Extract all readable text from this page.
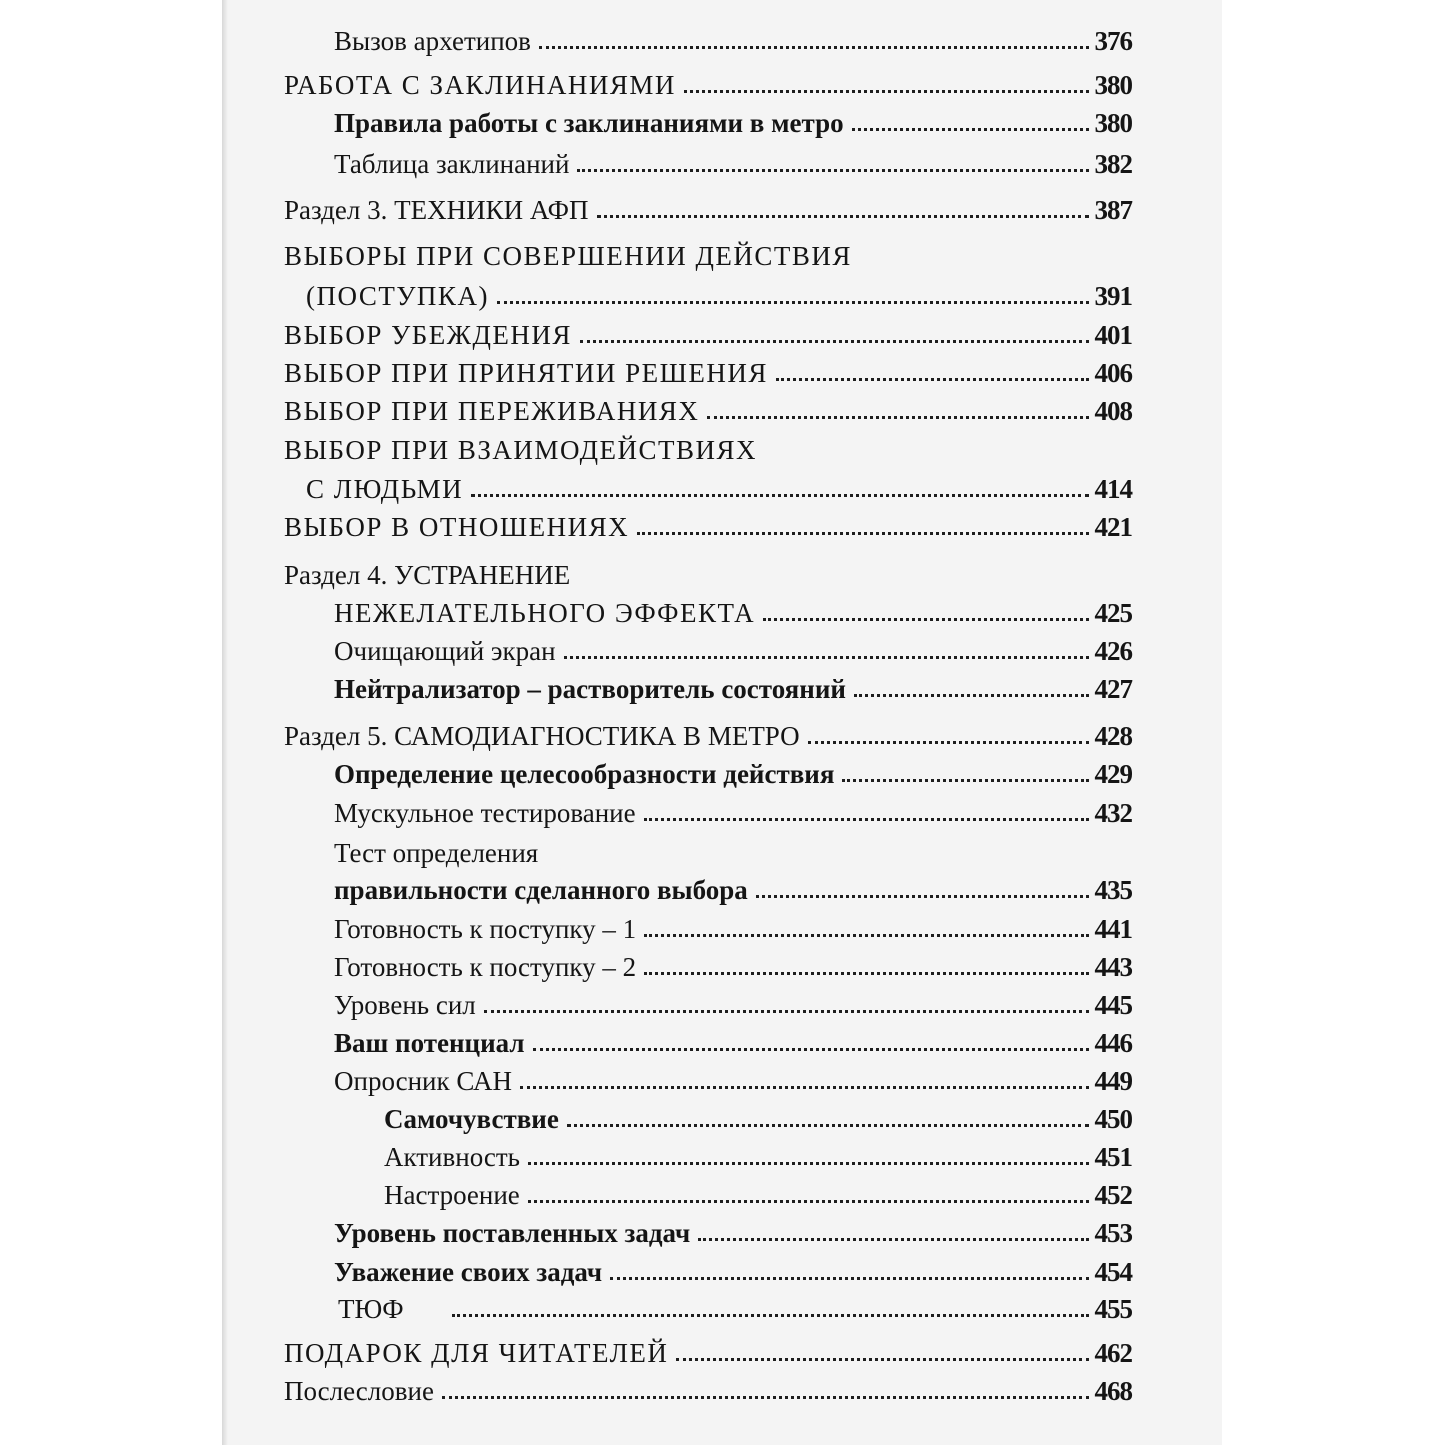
Вызов архетипов	376
РАБОТА С ЗАКЛИНАНИЯМИ	380
Правила работы с заклинаниями в метро	380
Таблица заклинаний	382
Раздел 3. ТЕХНИКИ АФП	387
ВЫБОРЫ ПРИ СОВЕРШЕНИИ ДЕЙСТВИЯ
(ПОСТУПКА)	391
ВЫБОР УБЕЖДЕНИЯ	401
ВЫБОР ПРИ ПРИНЯТИИ РЕШЕНИЯ	406
ВЫБОР ПРИ ПЕРЕЖИВАНИЯХ	408
ВЫБОР ПРИ ВЗАИМОДЕЙСТВИЯХ
С ЛЮДЬМИ	414
ВЫБОР В ОТНОШЕНИЯХ	421
Раздел 4. УСТРАНЕНИЕ
НЕЖЕЛАТЕЛЬНОГО ЭФФЕКТА	425
Очищающий экран	426
Нейтрализатор – растворитель состояний	427
Раздел 5. САМОДИАГНОСТИКА В МЕТРО	428
Определение целесообразности действия	429
Мускульное тестирование	432
Тест определения
правильности сделанного выбора	435
Готовность к поступку – 1	441
Готовность к поступку – 2	443
Уровень сил	445
Ваш потенциал	446
Опросник САН	449
Самочувствие	450
Активность	451
Настроение	452
Уровень поставленных задач	453
Уважение своих задач	454
ТЮФ	455
ПОДАРОК ДЛЯ ЧИТАТЕЛЕЙ	462
Послесловие	468
